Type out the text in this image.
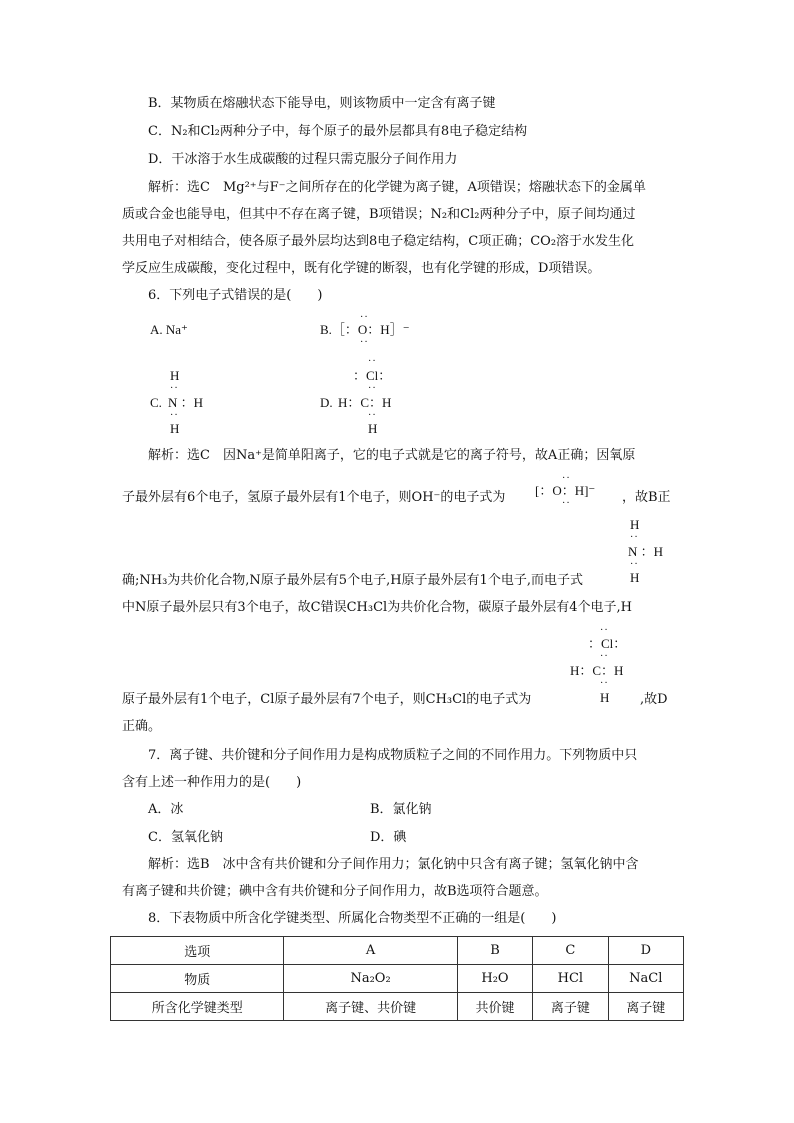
B．某物质在熔融状态下能导电，则该物质中一定含有离子键
C．N₂和Cl₂两种分子中，每个原子的最外层都具有8电子稳定结构
D．干冰溶于水生成碳酸的过程只需克服分子间作用力
解析：选C　Mg²⁺与F⁻之间所存在的化学键为离子键，A项错误；熔融状态下的金属单
质或合金也能导电，但其中不存在离子键，B项错误；N₂和Cl₂两种分子中，原子间均通过
共用电子对相结合，使各原子最外层均达到8电子稳定结构，C项正确；CO₂溶于水发生化
学反应生成碳酸，变化过程中，既有化学键的断裂，也有化学键的形成，D项错误。
6．下列电子式错误的是(　　)
A. Na⁺
··
B.［：O：H］⁻
··
H
··
C. N ：H
··
H
··
：Cl：
··
D. H：C：H
··
H
解析：选C　因Na⁺是简单阳离子，它的电子式就是它的离子符号，故A正确；因氧原
子最外层有6个电子，氢原子最外层有1个电子，则OH⁻的电子式为
··
[：O：H]⁻
··	，故B正
H
··
N ：H
··
H
确;NH₃为共价化合物,N原子最外层有5个电子,H原子最外层有1个电子,而电子式
中N原子最外层只有3个电子，故C错误CH₃Cl为共价化合物，碳原子最外层有4个电子,H
··
：Cl：
··
H：C：H
··
H
原子最外层有1个电子，Cl原子最外层有7个电子，则CH₃Cl的电子式为	,故D
正确。
7．离子键、共价键和分子间作用力是构成物质粒子之间的不同作用力。下列物质中只
含有上述一种作用力的是(　　)
A．冰	B．氯化钠
C．氢氧化钠	D．碘
解析：选B　冰中含有共价键和分子间作用力；氯化钠中只含有离子键；氢氧化钠中含
有离子键和共价键；碘中含有共价键和分子间作用力，故B选项符合题意。
8．下表物质中所含化学键类型、所属化合物类型不正确的一组是(　　)
选项	A	B	C	D
物质	Na₂O₂	H₂O	HCl	NaCl
所含化学键类型	离子键、共价键	共价键	离子键	离子键
